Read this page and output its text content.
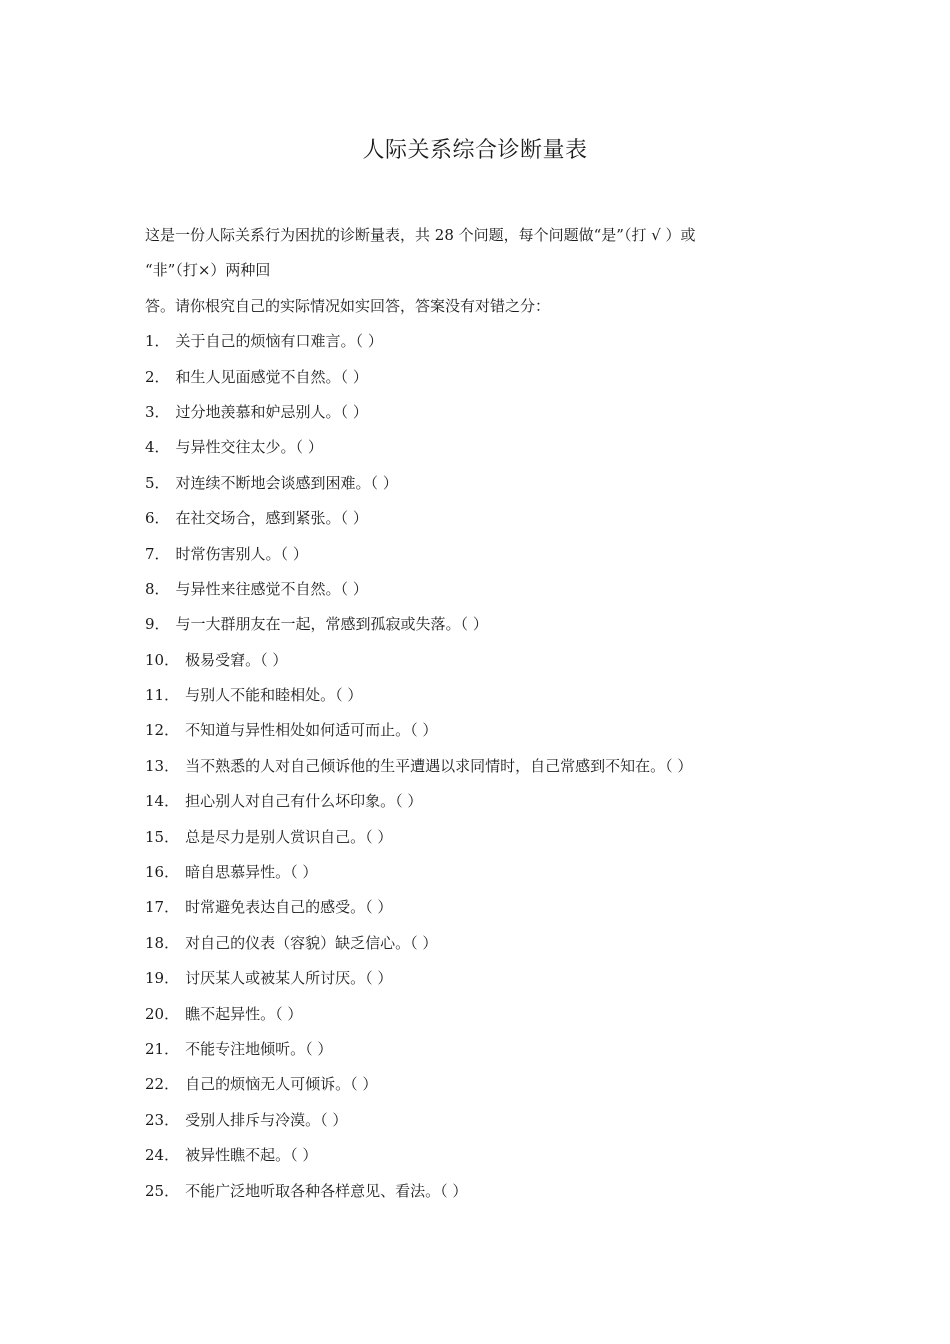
人际关系综合诊断量表
这是一份人际关系行为困扰的诊断量表，共 28 个问题，每个问题做“是”（打 √ ）或
“非”（打×）两种回
答。请你根究自己的实际情况如实回答，答案没有对错之分：
1． 关于自己的烦恼有口难言。（ ）
2． 和生人见面感觉不自然。（ ）
3． 过分地羡慕和妒忌别人。（ ）
4． 与异性交往太少。（ ）
5． 对连续不断地会谈感到困难。（ ）
6． 在社交场合，感到紧张。（ ）
7． 时常伤害别人。（ ）
8． 与异性来往感觉不自然。（ ）
9． 与一大群朋友在一起，常感到孤寂或失落。（ ）
10． 极易受窘。（ ）
11． 与别人不能和睦相处。（ ）
12． 不知道与异性相处如何适可而止。（ ）
13． 当不熟悉的人对自己倾诉他的生平遭遇以求同情时，自己常感到不知在。（ ）
14． 担心别人对自己有什么坏印象。（ ）
15． 总是尽力是别人赏识自己。（ ）
16． 暗自思慕异性。（ ）
17． 时常避免表达自己的感受。（ ）
18． 对自己的仪表（容貌）缺乏信心。（ ）
19． 讨厌某人或被某人所讨厌。（ ）
20． 瞧不起异性。（ ）
21． 不能专注地倾听。（ ）
22． 自己的烦恼无人可倾诉。（ ）
23． 受别人排斥与冷漠。（ ）
24． 被异性瞧不起。（ ）
25． 不能广泛地听取各种各样意见、看法。（ ）
